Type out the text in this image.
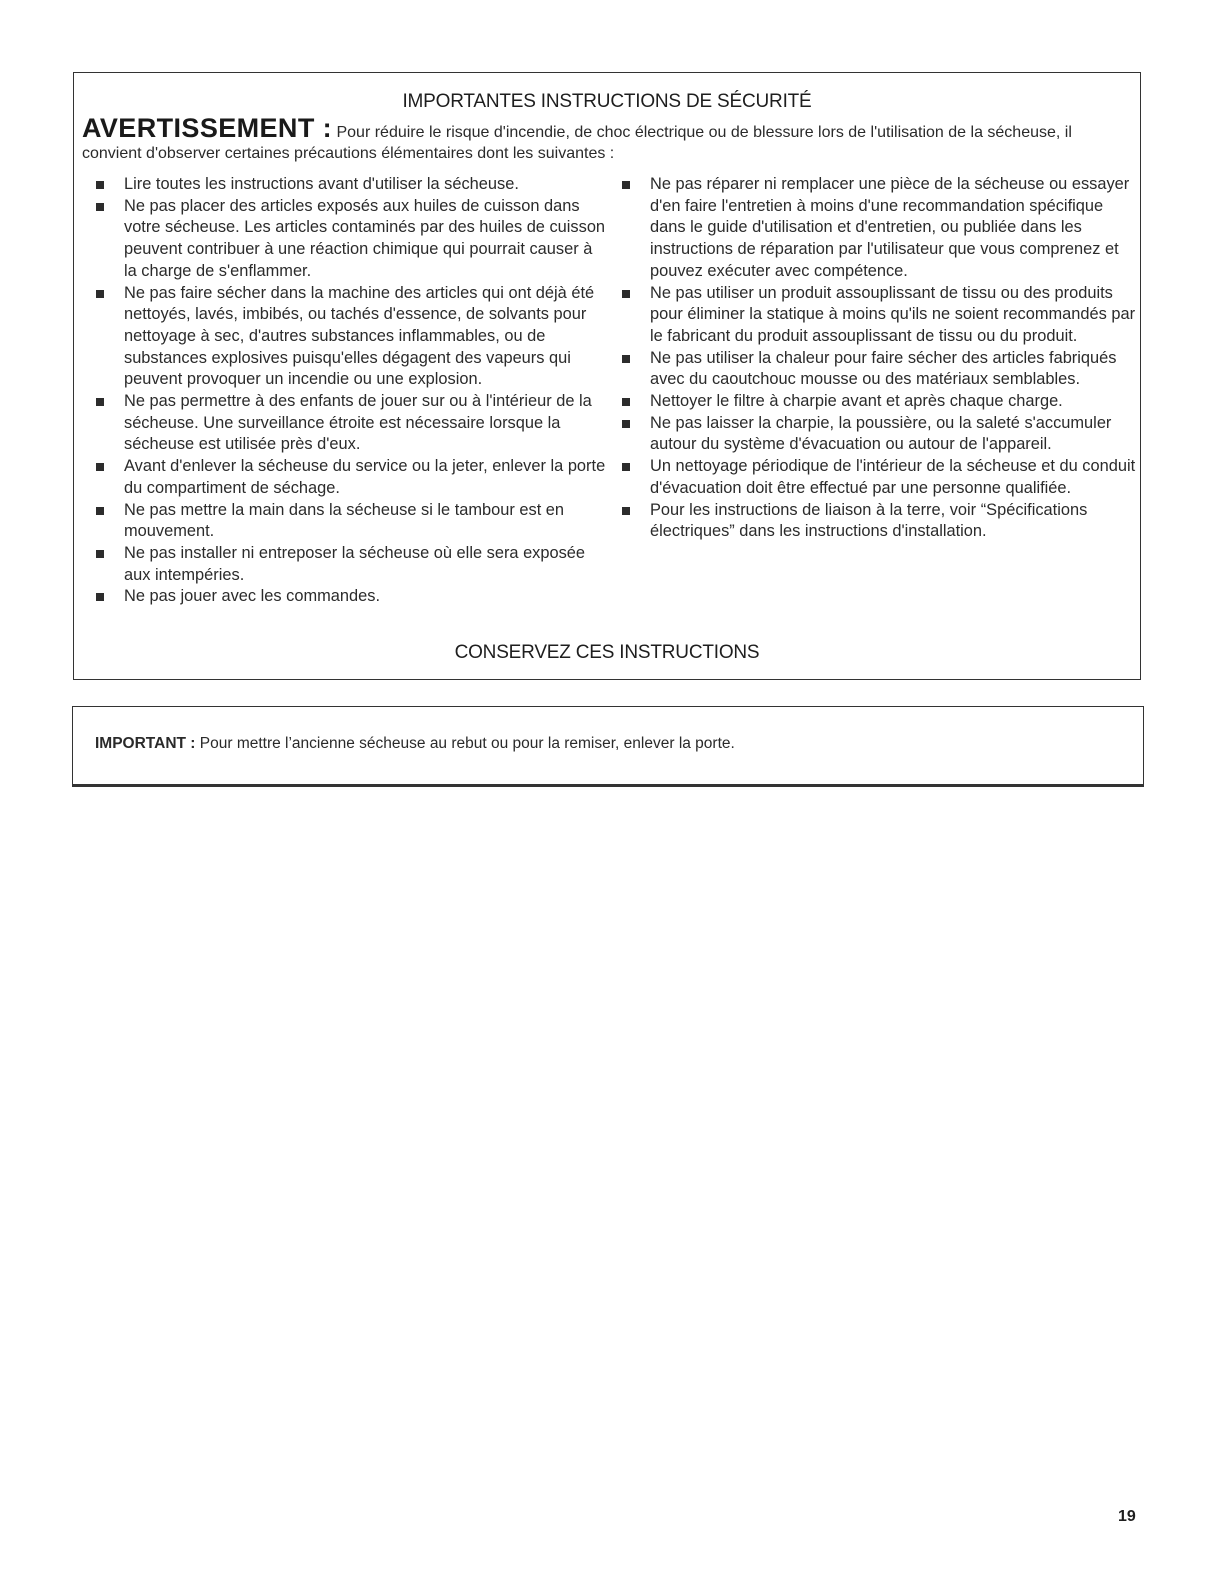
IMPORTANTES INSTRUCTIONS DE SÉCURITÉ
AVERTISSEMENT : Pour réduire le risque d'incendie, de choc électrique ou de blessure lors de l'utilisation de la sécheuse, il convient d'observer certaines précautions élémentaires dont les suivantes :
Lire toutes les instructions avant d'utiliser la sécheuse.
Ne pas placer des articles exposés aux huiles de cuisson dans votre sécheuse. Les articles contaminés par des huiles de cuisson peuvent contribuer à une réaction chimique qui pourrait causer à la charge de s'enflammer.
Ne pas faire sécher dans la machine des articles qui ont déjà été nettoyés, lavés, imbibés, ou tachés d'essence, de solvants pour nettoyage à sec, d'autres substances inflammables, ou de substances explosives puisqu'elles dégagent des vapeurs qui peuvent provoquer un incendie ou une explosion.
Ne pas permettre à des enfants de jouer sur ou à l'intérieur de la sécheuse. Une surveillance étroite est nécessaire lorsque la sécheuse est utilisée près d'eux.
Avant d'enlever la sécheuse du service ou la jeter, enlever la porte du compartiment de séchage.
Ne pas mettre la main dans la sécheuse si le tambour est en mouvement.
Ne pas installer ni entreposer la sécheuse où elle sera exposée aux intempéries.
Ne pas jouer avec les commandes.
Ne pas réparer ni remplacer une pièce de la sécheuse ou essayer d'en faire l'entretien à moins d'une recommandation spécifique dans le guide d'utilisation et d'entretien, ou publiée dans les instructions de réparation par l'utilisateur que vous comprenez et pouvez exécuter avec compétence.
Ne pas utiliser un produit assouplissant de tissu ou des produits pour éliminer la statique à moins qu'ils ne soient recommandés par le fabricant du produit assouplissant de tissu ou du produit.
Ne pas utiliser la chaleur pour faire sécher des articles fabriqués avec du caoutchouc mousse ou des matériaux semblables.
Nettoyer le filtre à charpie avant et après chaque charge.
Ne pas laisser la charpie, la poussière, ou la saleté s'accumuler autour du système d'évacuation ou autour de l'appareil.
Un nettoyage périodique de l'intérieur de la sécheuse et du conduit d'évacuation doit être effectué par une personne qualifiée.
Pour les instructions de liaison à la terre, voir “Spécifications électriques” dans les instructions d'installation.
CONSERVEZ CES INSTRUCTIONS
IMPORTANT : Pour mettre l’ancienne sécheuse au rebut ou pour la remiser, enlever la porte.
19
